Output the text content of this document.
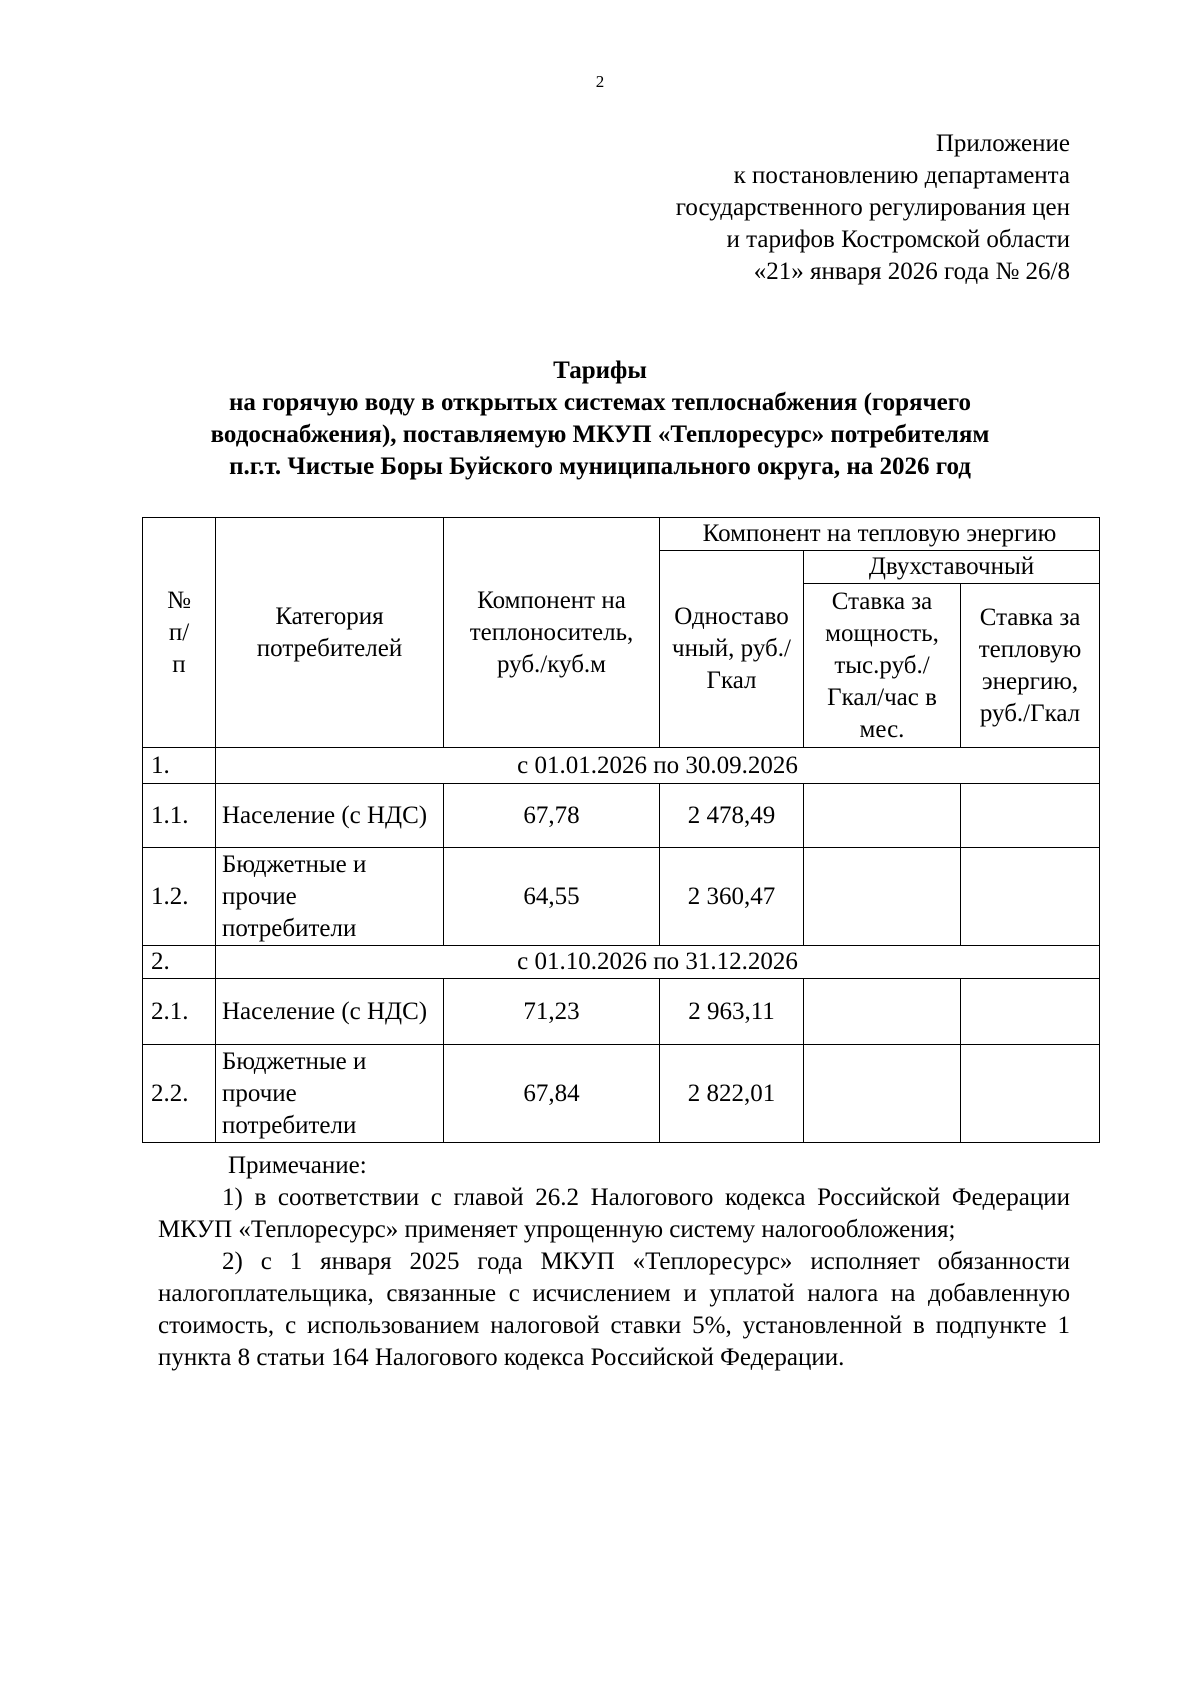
2
Приложение
к постановлению департамента
государственного регулирования цен
и тарифов Костромской области
«21» января 2026 года № 26/8
Тарифы
на горячую воду в открытых системах теплоснабжения (горячего
водоснабжения), поставляемую МКУП «Теплоресурс» потребителям
п.г.т. Чистые Боры Буйского муниципального округа, на 2026 год
№ п/п	Категория потребителей	Компонент на теплоноситель, руб./куб.м	Компонент на тепловую энергию		
			Одноставочный, руб./Гкал	Двухставочный	
				Ставка за мощность, тыс.руб./ Гкал/час в мес.	Ставка за тепловую энергию, руб./Гкал
1.	с 01.01.2026 по 30.09.2026				
1.1.	Население (с НДС)	67,78	2 478,49		
1.2.	Бюджетные и прочие потребители	64,55	2 360,47		
2.	с 01.10.2026 по 31.12.2026				
2.1.	Население (с НДС)	71,23	2 963,11		
2.2.	Бюджетные и прочие потребители	67,84	2 822,01		

Примечание:

1) в соответствии с главой 26.2 Налогового кодекса Российской Федерации МКУП «Теплоресурс» применяет упрощенную систему налогообложения;

2) с 1 января 2025 года МКУП «Теплоресурс» исполняет обязанности налогоплательщика, связанные с исчислением и уплатой налога на добавленную стоимость, с использованием налоговой ставки 5%, установленной в подпункте 1 пункта 8 статьи 164 Налогового кодекса Российской Федерации.
